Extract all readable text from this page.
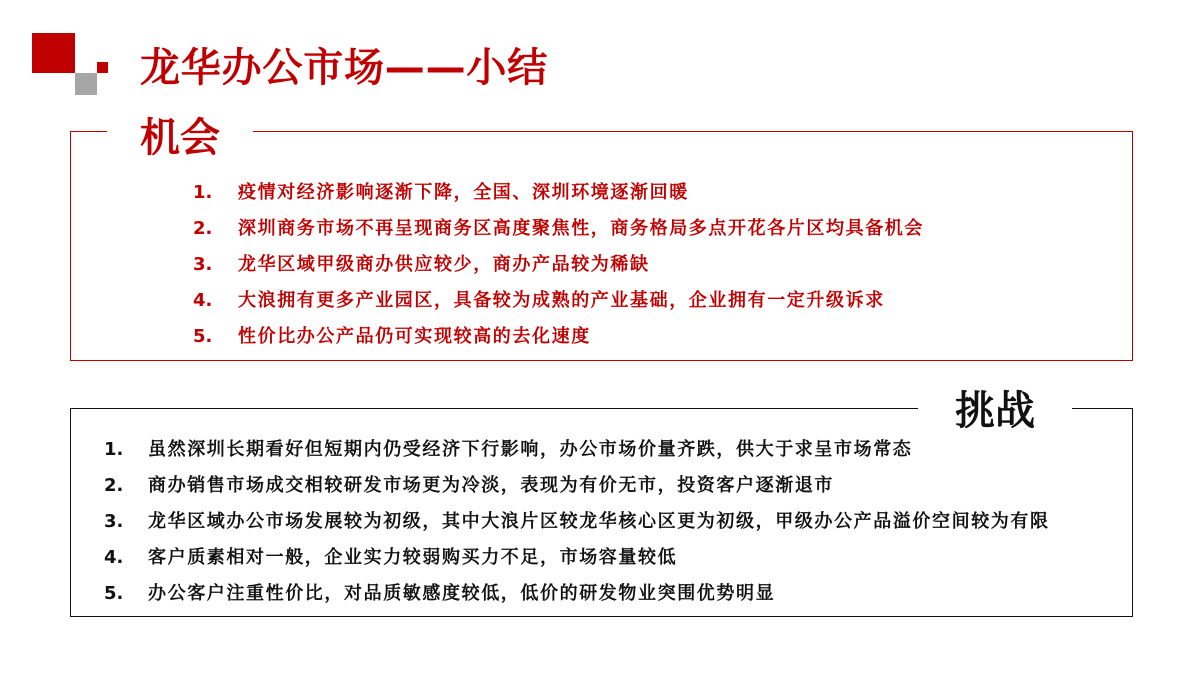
龙华办公市场——小结
机会
1. 疫情对经济影响逐渐下降，全国、深圳环境逐渐回暖
2. 深圳商务市场不再呈现商务区高度聚焦性，商务格局多点开花各片区均具备机会
3. 龙华区域甲级商办供应较少，商办产品较为稀缺
4. 大浪拥有更多产业园区，具备较为成熟的产业基础，企业拥有一定升级诉求
5. 性价比办公产品仍可实现较高的去化速度
挑战
1. 虽然深圳长期看好但短期内仍受经济下行影响，办公市场价量齐跌，供大于求呈市场常态
2. 商办销售市场成交相较研发市场更为冷淡，表现为有价无市，投资客户逐渐退市
3. 龙华区域办公市场发展较为初级，其中大浪片区较龙华核心区更为初级，甲级办公产品溢价空间较为有限
4. 客户质素相对一般，企业实力较弱购买力不足，市场容量较低
5. 办公客户注重性价比，对品质敏感度较低，低价的研发物业突围优势明显
